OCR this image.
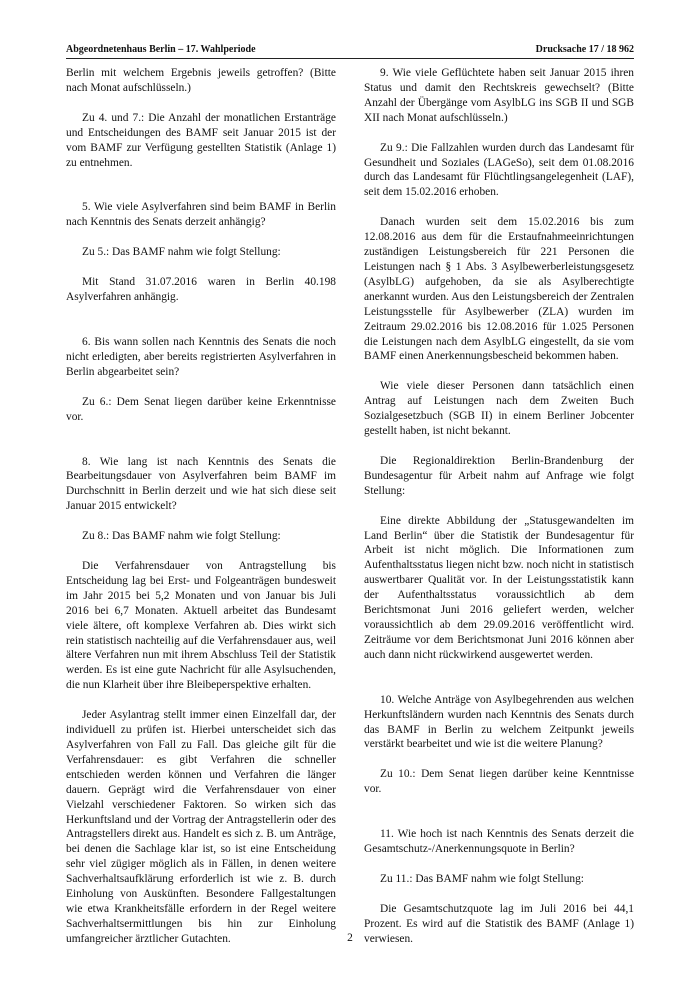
Abgeordnetenhaus Berlin – 17. Wahlperiode	Drucksache 17 / 18 962

Berlin mit welchem Ergebnis jeweils getroffen? (Bitte nach Monat aufschlüsseln.)

Zu 4. und 7.: Die Anzahl der monatlichen Erstanträge und Entscheidungen des BAMF seit Januar 2015 ist der vom BAMF zur Verfügung gestellten Statistik (Anlage 1) zu entnehmen.

5. Wie viele Asylverfahren sind beim BAMF in Berlin nach Kenntnis des Senats derzeit anhängig?

Zu 5.: Das BAMF nahm wie folgt Stellung:

Mit Stand 31.07.2016 waren in Berlin 40.198 Asylverfahren anhängig.

6. Bis wann sollen nach Kenntnis des Senats die noch nicht erledigten, aber bereits registrierten Asylverfahren in Berlin abgearbeitet sein?

Zu 6.: Dem Senat liegen darüber keine Erkenntnisse vor.

8. Wie lang ist nach Kenntnis des Senats die Bearbeitungsdauer von Asylverfahren beim BAMF im Durchschnitt in Berlin derzeit und wie hat sich diese seit Januar 2015 entwickelt?

Zu 8.: Das BAMF nahm wie folgt Stellung:

Die Verfahrensdauer von Antragstellung bis Entscheidung lag bei Erst- und Folgeanträgen bundesweit im Jahr 2015 bei 5,2 Monaten und von Januar bis Juli 2016 bei 6,7 Monaten. Aktuell arbeitet das Bundesamt viele ältere, oft komplexe Verfahren ab. Dies wirkt sich rein statistisch nachteilig auf die Verfahrensdauer aus, weil ältere Verfahren nun mit ihrem Abschluss Teil der Statistik werden. Es ist eine gute Nachricht für alle Asylsuchenden, die nun Klarheit über ihre Bleibeperspektive erhalten.

Jeder Asylantrag stellt immer einen Einzelfall dar, der individuell zu prüfen ist. Hierbei unterscheidet sich das Asylverfahren von Fall zu Fall. Das gleiche gilt für die Verfahrensdauer: es gibt Verfahren die schneller entschieden werden können und Verfahren die länger dauern. Geprägt wird die Verfahrensdauer von einer Vielzahl verschiedener Faktoren. So wirken sich das Herkunftsland und der Vortrag der Antragstellerin oder des Antragstellers direkt aus. Handelt es sich z. B. um Anträge, bei denen die Sachlage klar ist, so ist eine Entscheidung sehr viel zügiger möglich als in Fällen, in denen weitere Sachverhaltsaufklärung erforderlich ist wie z. B. durch Einholung von Auskünften. Besondere Fallgestaltungen wie etwa Krankheitsfälle erfordern in der Regel weitere Sachverhaltsermittlungen bis hin zur Einholung umfangreicher ärztlicher Gutachten.

9. Wie viele Geflüchtete haben seit Januar 2015 ihren Status und damit den Rechtskreis gewechselt? (Bitte Anzahl der Übergänge vom AsylbLG ins SGB II und SGB XII nach Monat aufschlüsseln.)

Zu 9.: Die Fallzahlen wurden durch das Landesamt für Gesundheit und Soziales (LAGeSo), seit dem 01.08.2016 durch das Landesamt für Flüchtlingsangelegenheit (LAF), seit dem 15.02.2016 erhoben.

Danach wurden seit dem 15.02.2016 bis zum 12.08.2016 aus dem für die Erstaufnahmeeinrichtungen zuständigen Leistungsbereich für 221 Personen die Leistungen nach § 1 Abs. 3 Asylbewerberleistungsgesetz (AsylbLG) aufgehoben, da sie als Asylberechtigte anerkannt wurden. Aus den Leistungsbereich der Zentralen Leistungsstelle für Asylbewerber (ZLA) wurden im Zeitraum 29.02.2016 bis 12.08.2016 für 1.025 Personen die Leistungen nach dem AsylbLG eingestellt, da sie vom BAMF einen Anerkennungsbescheid bekommen haben.

Wie viele dieser Personen dann tatsächlich einen Antrag auf Leistungen nach dem Zweiten Buch Sozialgesetzbuch (SGB II) in einem Berliner Jobcenter gestellt haben, ist nicht bekannt.

Die Regionaldirektion Berlin-Brandenburg der Bundesagentur für Arbeit nahm auf Anfrage wie folgt Stellung:

Eine direkte Abbildung der „Statusgewandelten im Land Berlin“ über die Statistik der Bundesagentur für Arbeit ist nicht möglich. Die Informationen zum Aufenthaltsstatus liegen nicht bzw. noch nicht in statistisch auswertbarer Qualität vor. In der Leistungsstatistik kann der Aufenthaltsstatus voraussichtlich ab dem Berichtsmonat Juni 2016 geliefert werden, welcher voraussichtlich ab dem 29.09.2016 veröffentlicht wird. Zeiträume vor dem Berichtsmonat Juni 2016 können aber auch dann nicht rückwirkend ausgewertet werden.

10. Welche Anträge von Asylbegehrenden aus welchen Herkunftsländern wurden nach Kenntnis des Senats durch das BAMF in Berlin zu welchem Zeitpunkt jeweils verstärkt bearbeitet und wie ist die weitere Planung?

Zu 10.: Dem Senat liegen darüber keine Kenntnisse vor.

11. Wie hoch ist nach Kenntnis des Senats derzeit die Gesamtschutz-/Anerkennungsquote in Berlin?

Zu 11.: Das BAMF nahm wie folgt Stellung:

Die Gesamtschutzquote lag im Juli 2016 bei 44,1 Prozent. Es wird auf die Statistik des BAMF (Anlage 1) verwiesen.

2
